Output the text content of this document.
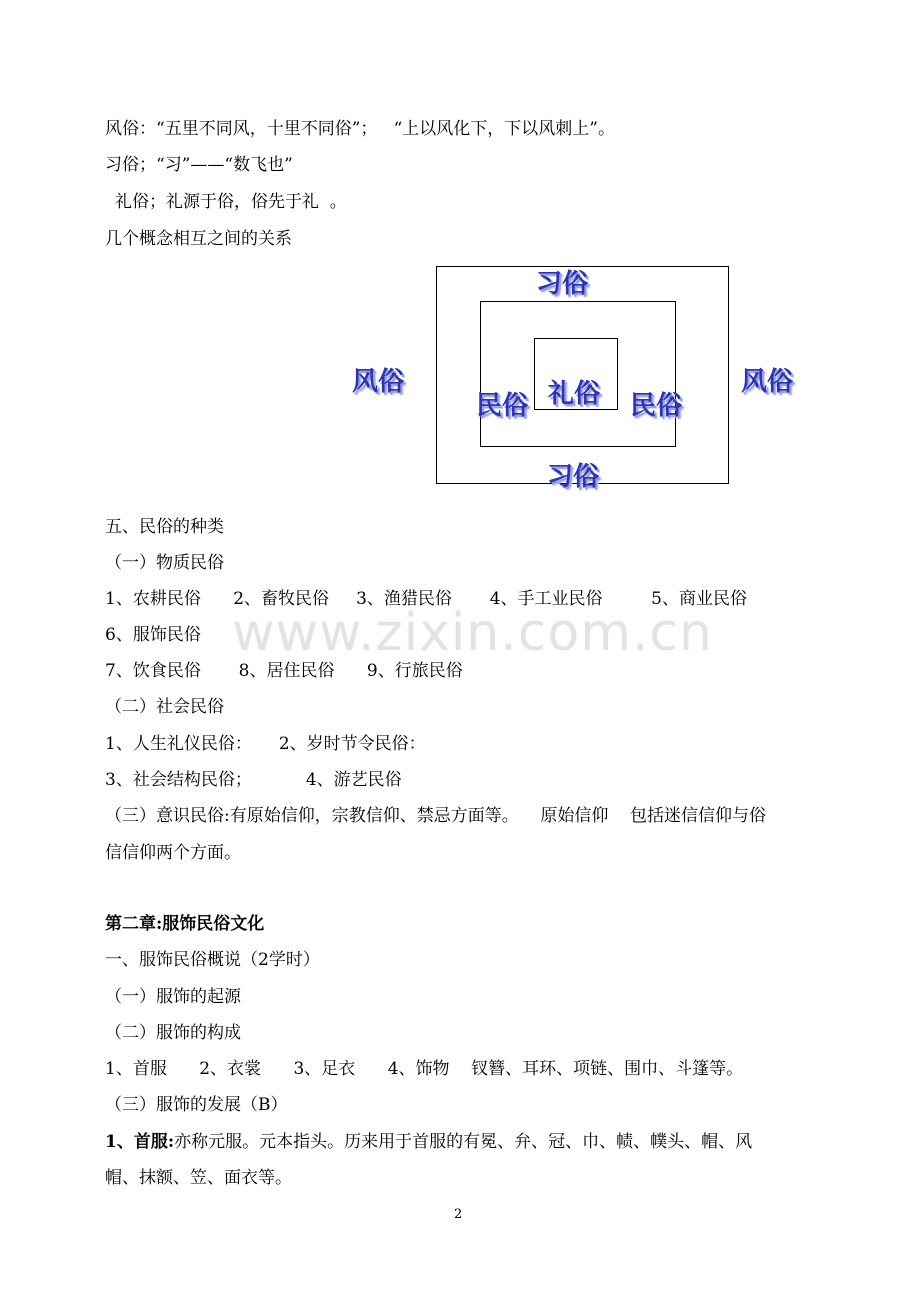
风俗：“五里不同风，十里不同俗”；   “上以风化下，下以风刺上”。
习俗；“习”——“数飞也”
礼俗；礼源于俗，俗先于礼  。
几个概念相互之间的关系
习俗
习俗
风俗	风俗
民俗	民俗
礼俗
五、民俗的种类
（一）物质民俗
1、农耕民俗      2、畜牧民俗     3、渔猎民俗       4、手工业民俗         5、商业民俗
6、服饰民俗
7、饮食民俗       8、居住民俗      9、行旅民俗
（二）社会民俗
1、人生礼仪民俗：     2、岁时节令民俗：
3、社会结构民俗；          4、游艺民俗
（三）意识民俗:有原始信仰，宗教信仰、禁忌方面等。    原始信仰    包括迷信信仰与俗
信信仰两个方面。
第二章:服饰民俗文化
一、服饰民俗概说（2学时）
（一）服饰的起源
（二）服饰的构成
1、首服      2、衣裳      3、足衣      4、饰物    钗簪、耳环、项链、围巾、斗篷等。
（三）服饰的发展（B）
1、首服:亦称元服。元本指头。历来用于首服的有冕、弁、冠、巾、帻、幞头、帽、风
帽、抹额、笠、面衣等。
www.zixin.com.cn
2
